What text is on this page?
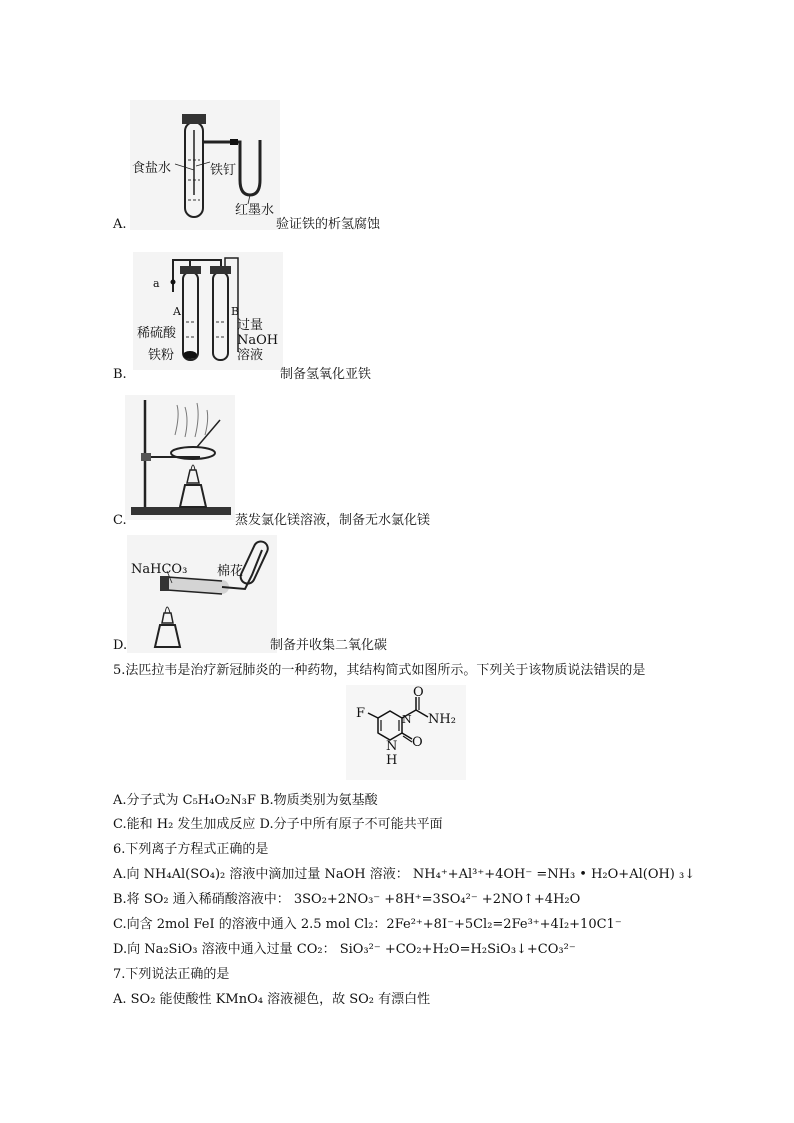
食盐水	铁钉
红墨水
A.	验证铁的析氢腐蚀
a
A	B
稀硫酸
铁粉
过量
NaOH
溶液
B.	制备氢氧化亚铁
C.	蒸发氯化镁溶液，制备无水氯化镁
NaHCO₃ 棉花
D.	制备并收集二氧化碳
5.法匹拉韦是治疗新冠肺炎的一种药物，其结构简式如图所示。下列关于该物质说法错误的是
F
O
NH₂
N
O
N
H
A.分子式为 C₅H₄O₂N₃F B.物质类别为氨基酸
C.能和 H₂ 发生加成反应 D.分子中所有原子不可能共平面
6.下列离子方程式正确的是
A.向 NH₄Al(SO₄)₂ 溶液中滴加过量 NaOH 溶液： NH₄⁺+Al³⁺+4OH⁻ =NH₃ • H₂O+Al(OH) ₃↓
B.将 SO₂ 通入稀硝酸溶液中： 3SO₂+2NO₃⁻ +8H⁺=3SO₄²⁻ +2NO↑+4H₂O
C.向含 2mol FeI 的溶液中通入 2.5 mol Cl₂：2Fe²⁺+8I⁻+5Cl₂=2Fe³⁺+4I₂+10C1⁻
D.向 Na₂SiO₃ 溶液中通入过量 CO₂： SiO₃²⁻ +CO₂+H₂O=H₂SiO₃↓+CO₃²⁻
7.下列说法正确的是
A. SO₂ 能使酸性 KMnO₄ 溶液褪色，故 SO₂ 有漂白性
